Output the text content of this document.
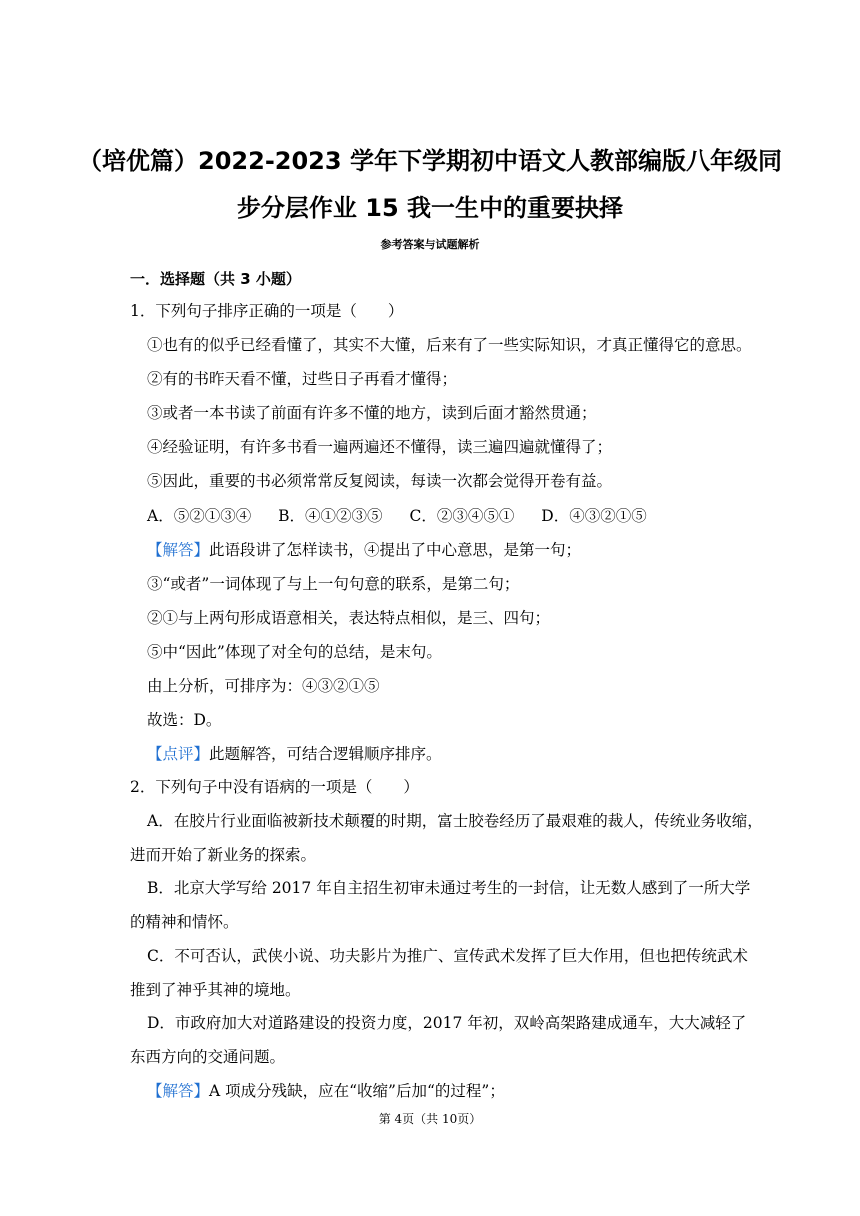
（培优篇）2022-2023 学年下学期初中语文人教部编版八年级同
步分层作业 15 我一生中的重要抉择
参考答案与试题解析
一．选择题（共 3 小题）
1．下列句子排序正确的一项是（　　）
①也有的似乎已经看懂了，其实不大懂，后来有了一些实际知识，才真正懂得它的意思。
②有的书昨天看不懂，过些日子再看才懂得；
③或者一本书读了前面有许多不懂的地方，读到后面才豁然贯通；
④经验证明，有许多书看一遍两遍还不懂得，读三遍四遍就懂得了；
⑤因此，重要的书必须常常反复阅读，每读一次都会觉得开卷有益。
A．⑤②①③④ B．④①②③⑤ C．②③④⑤① D．④③②①⑤
【解答】此语段讲了怎样读书，④提出了中心意思，是第一句；
③“或者”一词体现了与上一句句意的联系，是第二句；
②①与上两句形成语意相关，表达特点相似，是三、四句；
⑤中“因此”体现了对全句的总结，是末句。
由上分析，可排序为：④③②①⑤
故选：D。
【点评】此题解答，可结合逻辑顺序排序。
2．下列句子中没有语病的一项是（　　）
A．在胶片行业面临被新技术颠覆的时期，富士胶卷经历了最艰难的裁人，传统业务收缩，
进而开始了新业务的探索。
B．北京大学写给 2017 年自主招生初审未通过考生的一封信，让无数人感到了一所大学
的精神和情怀。
C．不可否认，武侠小说、功夫影片为推广、宣传武术发挥了巨大作用，但也把传统武术
推到了神乎其神的境地。
D．市政府加大对道路建设的投资力度，2017 年初，双岭高架路建成通车，大大减轻了
东西方向的交通问题。
【解答】A 项成分残缺，应在“收缩”后加“的过程”；
第 4页（共 10页）
